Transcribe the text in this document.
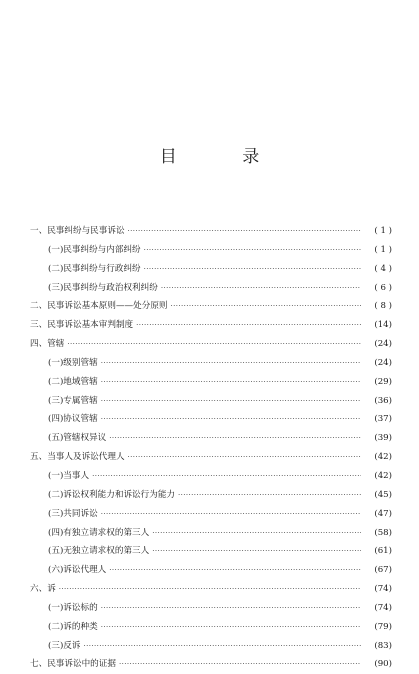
目 录
一、民事纠纷与民事诉讼 ·····	( 1 )
(一)民事纠纷与内部纠纷 ·····	( 1 )
(二)民事纠纷与行政纠纷 ·····	( 4 )
(三)民事纠纷与政治权利纠纷 ·····	( 6 )
二、民事诉讼基本原则——处分原则 ·····	( 8 )
三、民事诉讼基本审判制度 ·····	(14)
四、管辖 ·····	(24)
(一)级别管辖 ·····	(24)
(二)地域管辖 ·····	(29)
(三)专属管辖 ·····	(36)
(四)协议管辖 ·····	(37)
(五)管辖权异议 ·····	(39)
五、当事人及诉讼代理人 ·····	(42)
(一)当事人 ·····	(42)
(二)诉讼权利能力和诉讼行为能力 ·····	(45)
(三)共同诉讼 ·····	(47)
(四)有独立请求权的第三人 ·····	(58)
(五)无独立请求权的第三人 ·····	(61)
(六)诉讼代理人 ·····	(67)
六、诉 ·····	(74)
(一)诉讼标的 ·····	(74)
(二)诉的种类 ·····	(79)
(三)反诉 ·····	(83)
七、民事诉讼中的证据 ·····	(90)
